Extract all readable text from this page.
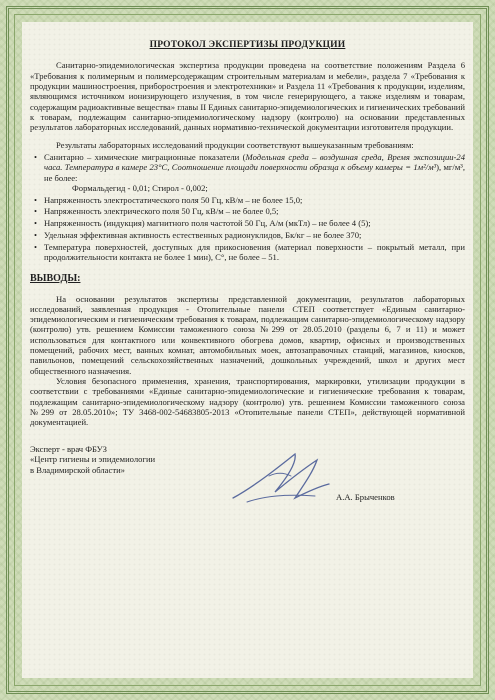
ПРОТОКОЛ ЭКСПЕРТИЗЫ ПРОДУКЦИИ

Санитарно-эпидемиологическая экспертиза продукции проведена на соответствие положениям Раздела 6 «Требования к полимерным и полимерсодержащим строительным материалам и мебели», раздела 7 «Требования к продукции машиностроения, приборостроения и электротехники» и Раздела 11 «Требования к продукции, изделиям, являющимся источником ионизирующего излучения, в том числе генерирующего, а также изделиям и товарам, содержащим радиоактивные вещества» главы II Единых санитарно-эпидемиологических и гигиенических требований к товарам, подлежащим санитарно-эпидемиологическому надзору (контролю) на основании представленных результатов лабораторных исследований, данных нормативно-технической документации изготовителя продукции.

Результаты лабораторных исследований продукции соответствуют вышеуказанным требованиям:

• Санитарно – химические миграционные показатели (Модельная среда – воздушная среда, Время экспозиции-24 часа. Температура в камере 23°С, Соотношение площади поверхности образца к объему камеры = 1м²/м³), мг/м³, не более:
Формальдегид - 0,01; Стирол - 0,002;
• Напряженность электростатического поля 50 Гц, кВ/м – не более 15,0;
• Напряженность электрического поля 50 Гц, кВ/м – не более 0,5;
• Напряженность (индукция) магнитного поля частотой 50 Гц, А/м (мкТл) – не более 4 (5);
• Удельная эффективная активность естественных радионуклидов, Бк/кг – не более 370;
• Температура поверхностей, доступных для прикосновения (материал поверхности – покрытый металл, при продолжительности контакта не более 1 мин), С°, не более – 51.
ВЫВОДЫ:

На основании результатов экспертизы представленной документации, результатов лабораторных исследований, заявленная продукция - Отопительные панели СТЕП соответствует «Единым санитарно-эпидемиологическим и гигиеническим требования к товарам, подлежащим санитарно-эпидемиологическому надзору (контролю) утв. решением Комиссии таможенного союза №299 от 28.05.2010 (разделы 6, 7 и 11) и может использоваться для контактного или конвективного обогрева домов, квартир, офисных и производственных помещений, рабочих мест, ванных комнат, автомобильных моек, автозаправочных станций, магазинов, киосков, павильонов, помещений сельскохозяйственных назначений, дошкольных учреждений, школ и других мест общественного назначения.

Условия безопасного применения, хранения, транспортирования, маркировки, утилизации продукции в соответствии с требованиями «Единые санитарно-эпидемиологические и гигиенические требования к товарам, подлежащим санитарно-эпидемиологическому надзору (контролю) утв. решением Комиссии таможенного союза №299 от 28.05.2010»; ТУ 3468-002-54683805-2013 «Отопительные панели СТЕП», действующей нормативной документацией.

Эксперт - врач ФБУЗ
«Центр гигиены и эпидемиологии
в Владимирской области»
А.А. Брыченков
